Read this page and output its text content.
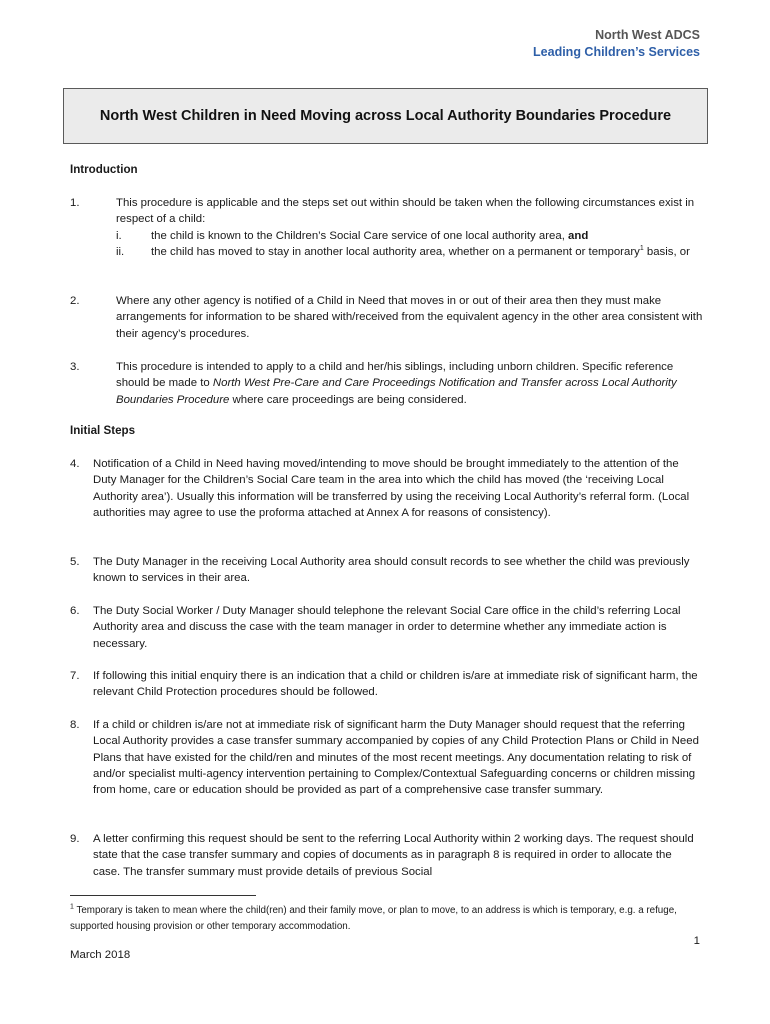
North West ADCS
Leading Children’s Services
North West Children in Need Moving across Local Authority Boundaries Procedure
Introduction
1.	This procedure is applicable and the steps set out within should be taken when the following circumstances exist in respect of a child:
i.	the child is known to the Children’s Social Care service of one local authority area, and
ii.	the child has moved to stay in another local authority area, whether on a permanent or temporary$^1$ basis, or
2.	Where any other agency is notified of a Child in Need that moves in or out of their area then they must make arrangements for information to be shared with/received from the equivalent agency in the other area consistent with their agency’s procedures.
3.	This procedure is intended to apply to a child and her/his siblings, including unborn children. Specific reference should be made to North West Pre-Care and Care Proceedings Notification and Transfer across Local Authority Boundaries Procedure where care proceedings are being considered.
Initial Steps
4.	Notification of a Child in Need having moved/intending to move should be brought immediately to the attention of the Duty Manager for the Children’s Social Care team in the area into which the child has moved (the ‘receiving Local Authority area’). Usually this information will be transferred by using the receiving Local Authority’s referral form. (Local authorities may agree to use the proforma attached at Annex A for reasons of consistency).
5.	The Duty Manager in the receiving Local Authority area should consult records to see whether the child was previously known to services in their area.
6.	The Duty Social Worker / Duty Manager should telephone the relevant Social Care office in the child’s referring Local Authority area and discuss the case with the team manager in order to determine whether any immediate action is necessary.
7.	If following this initial enquiry there is an indication that a child or children is/are at immediate risk of significant harm, the relevant Child Protection procedures should be followed.
8.	If a child or children is/are not at immediate risk of significant harm the Duty Manager should request that the referring Local Authority provides a case transfer summary accompanied by copies of any Child Protection Plans or Child in Need Plans that have existed for the child/ren and minutes of the most recent meetings. Any documentation relating to risk of and/or specialist multi-agency intervention pertaining to Complex/Contextual Safeguarding concerns or children missing from home, care or education should be provided as part of a comprehensive case transfer summary.
9.	A letter confirming this request should be sent to the referring Local Authority within 2 working days. The request should state that the case transfer summary and copies of documents as in paragraph 8 is required in order to allocate the case. The transfer summary must provide details of previous Social
$^1$ Temporary is taken to mean where the child(ren) and their family move, or plan to move, to an address is which is temporary, e.g. a refuge, supported housing provision or other temporary accommodation.
1
March 2018
